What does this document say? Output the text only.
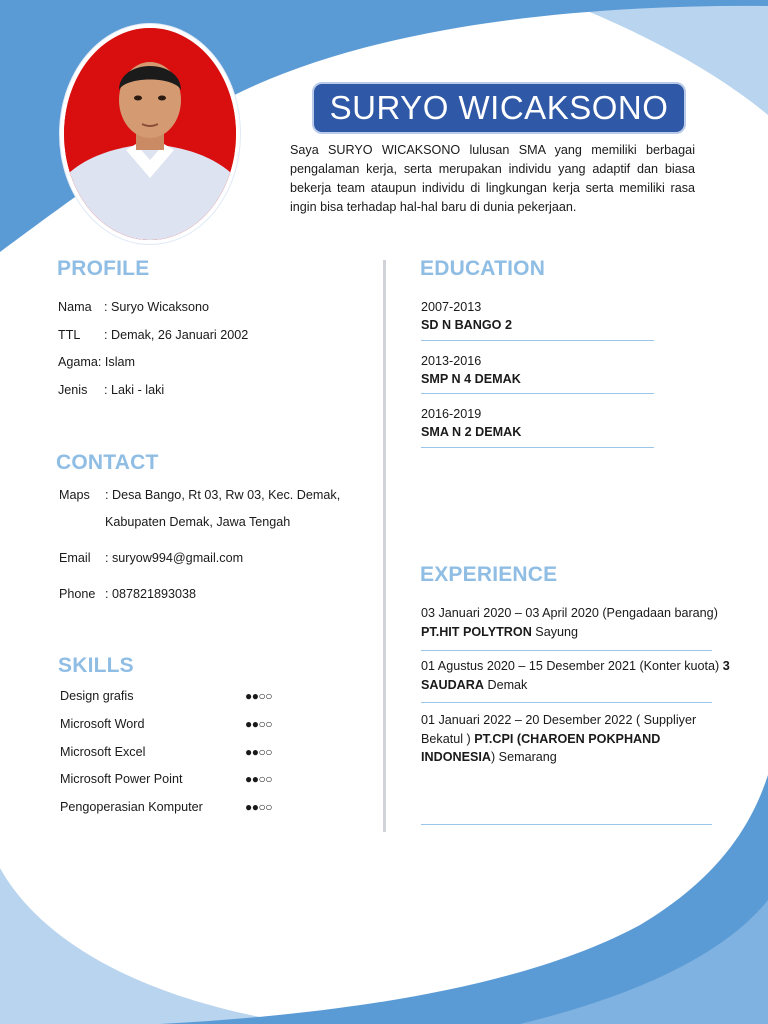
SURYO WICAKSONO
Saya SURYO WICAKSONO lulusan SMA yang memiliki berbagai pengalaman kerja, serta merupakan individu yang adaptif dan biasa bekerja team ataupun individu di lingkungan kerja serta memiliki rasa ingin bisa terhadap hal-hal baru di dunia pekerjaan.
PROFILE
Nama : Suryo Wicaksono
TTL : Demak, 26 Januari 2002
Agama: Islam
Jenis : Laki - laki
CONTACT
Maps : Desa Bango, Rt 03, Rw 03, Kec. Demak,
Kabupaten Demak, Jawa Tengah
Email : suryow994@gmail.com
Phone : 087821893038
SKILLS
Design grafis	●●○○
Microsoft Word	●●○○
Microsoft Excel	●●○○
Microsoft Power Point	●●○○
Pengoperasian Komputer	●●○○
EDUCATION
2007-2013
SD N BANGO 2
2013-2016
SMP N 4 DEMAK
2016-2019
SMA N 2 DEMAK
EXPERIENCE
03 Januari 2020 – 03 April 2020 (Pengadaan barang) PT.HIT POLYTRON Sayung
01 Agustus 2020 – 15 Desember 2021 (Konter kuota) 3 SAUDARA Demak
01 Januari 2022 – 20 Desember 2022 ( Suppliyer Bekatul ) PT.CPI (CHAROEN POKPHAND INDONESIA) Semarang
